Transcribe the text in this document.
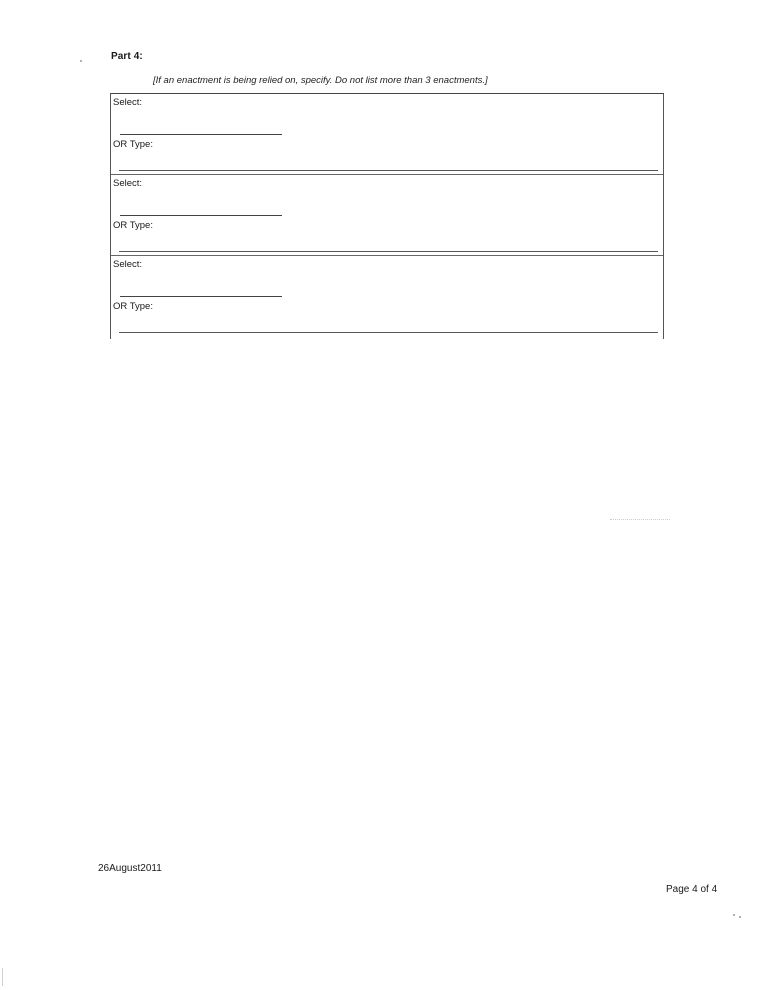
Part 4:
[If an enactment is being relied on, specify. Do not list more than 3 enactments.]
Select:
OR Type:
Select:
OR Type:
Select:
OR Type:
26August2011
Page 4 of 4
